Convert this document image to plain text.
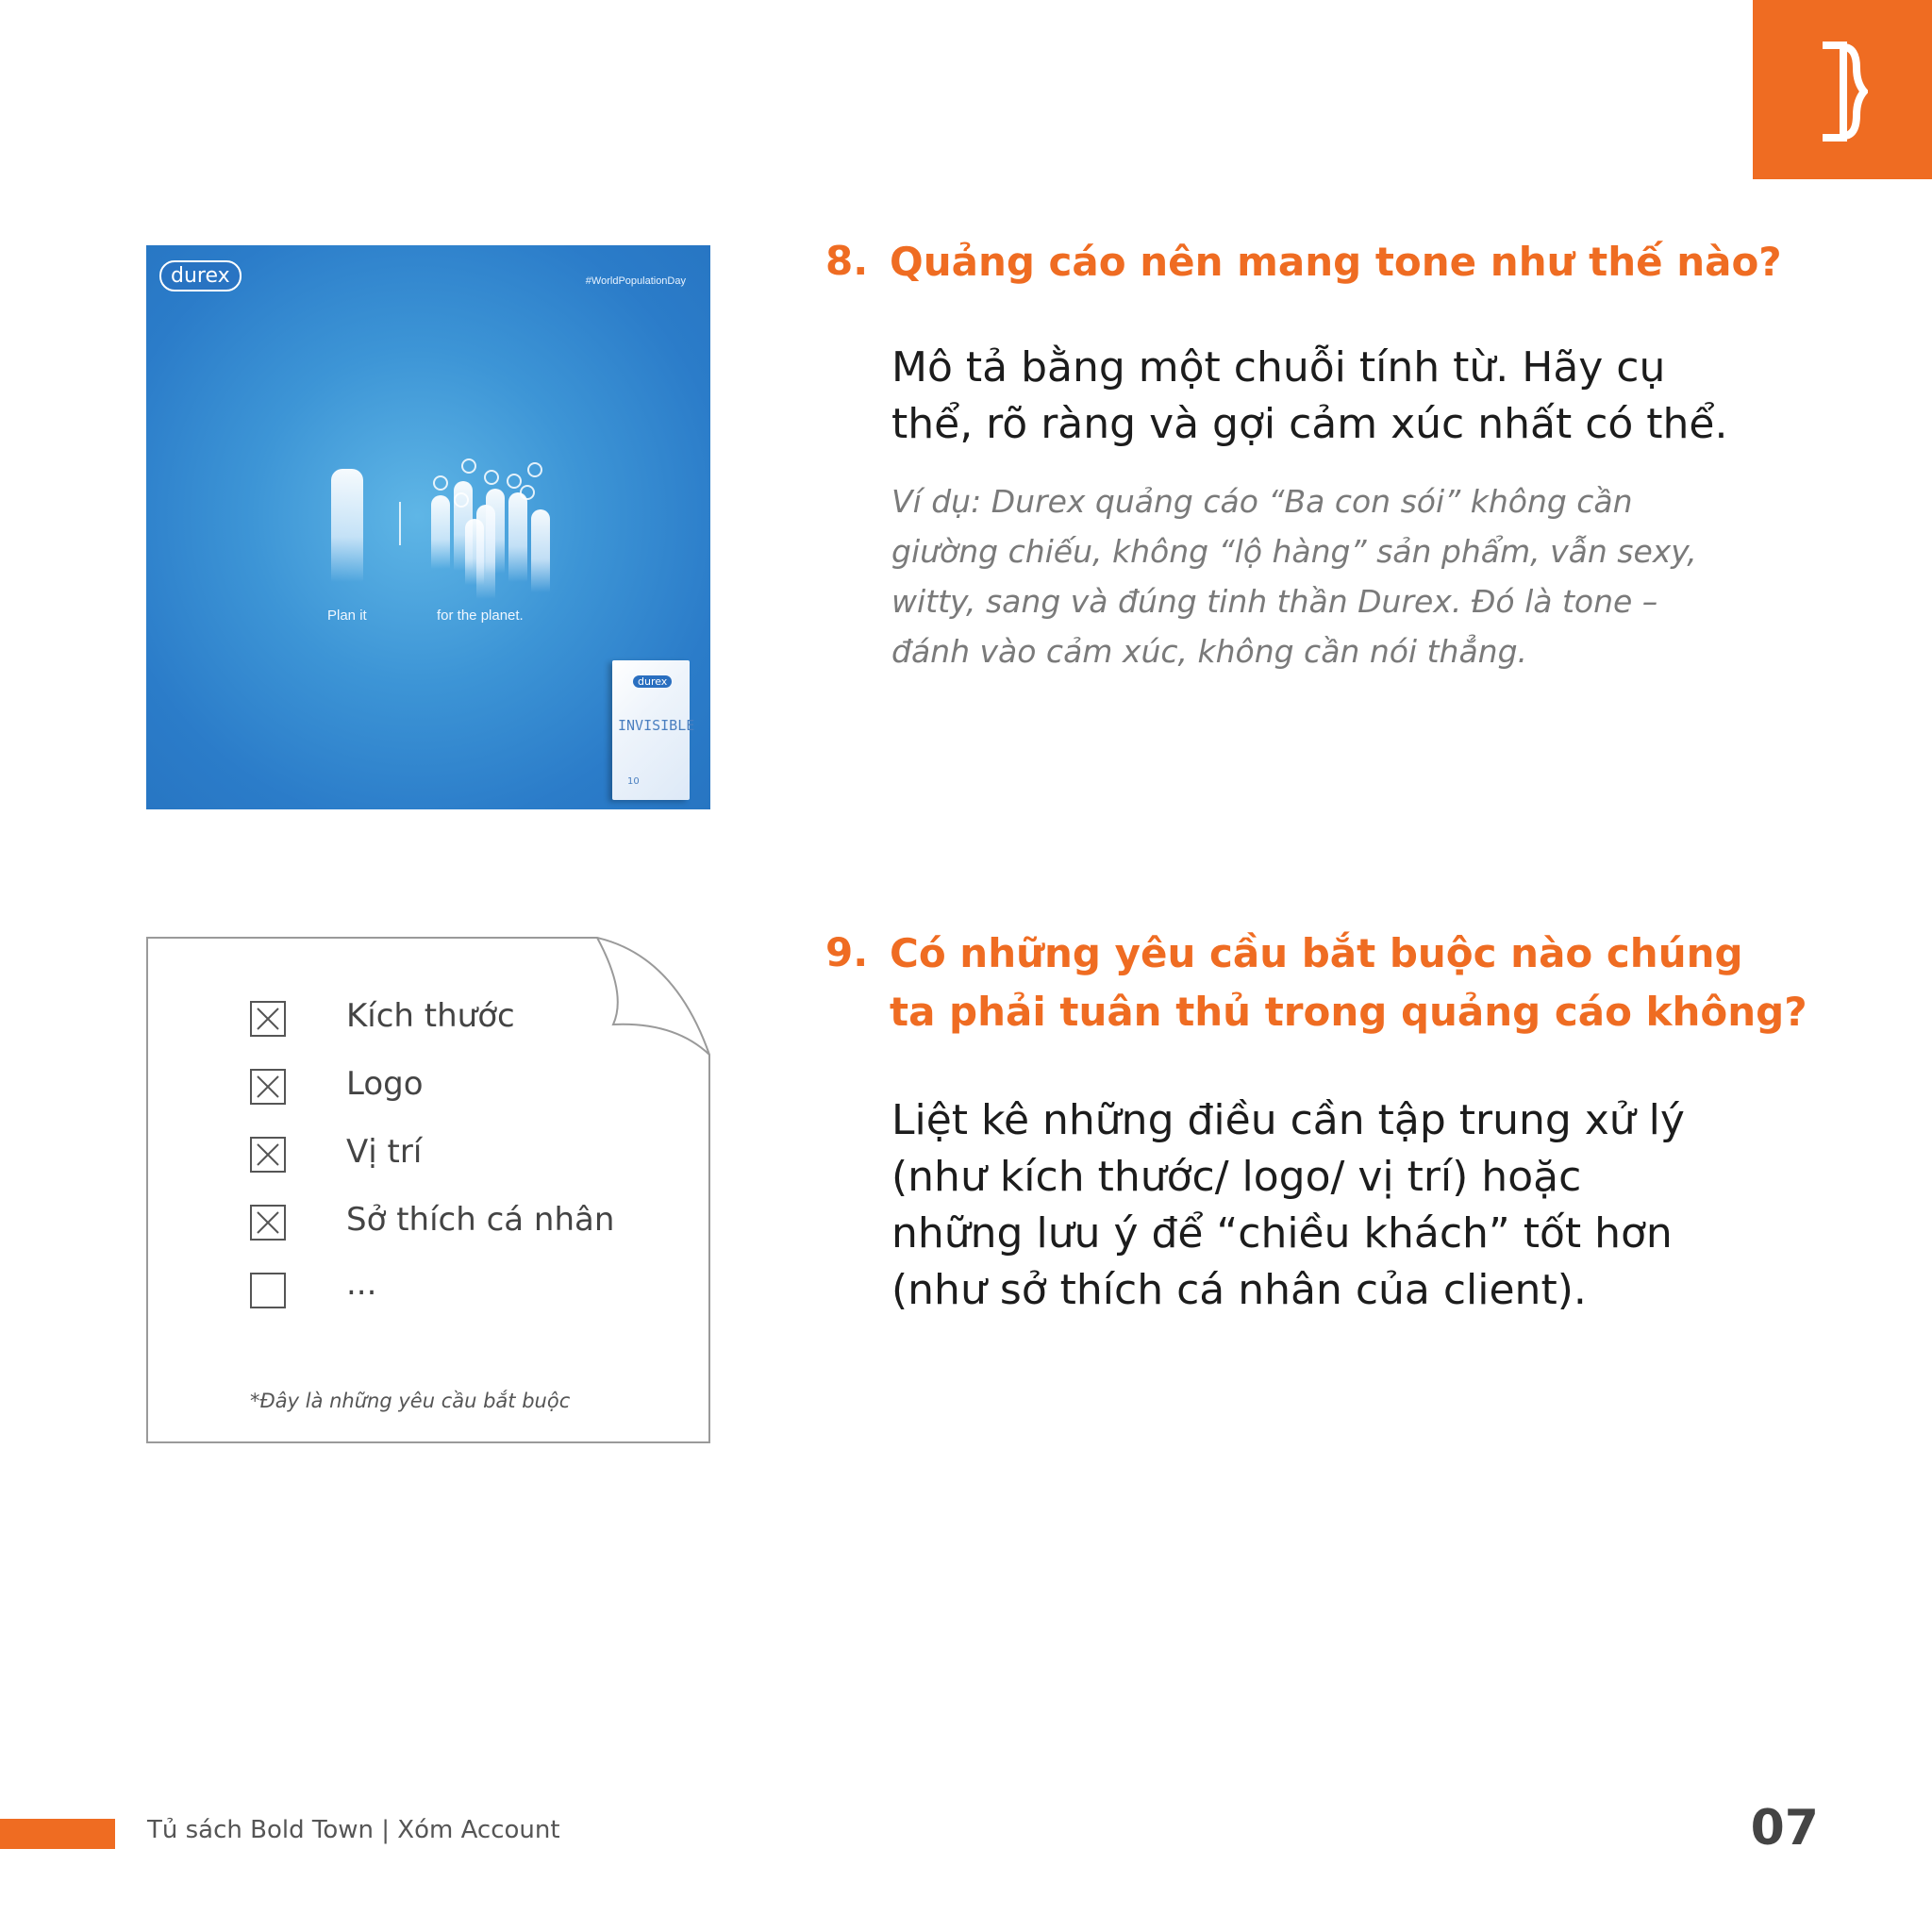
durex	#WorldPopulationDay
Plan it	for the planet.
durex
INVISIBLE
10
8. Quảng cáo nên mang tone như thế nào?
Mô tả bằng một chuỗi tính từ. Hãy cụ
thể, rõ ràng và gợi cảm xúc nhất có thể.
Ví dụ: Durex quảng cáo “Ba con sói” không cần
giường chiếu, không “lộ hàng” sản phẩm, vẫn sexy,
witty, sang và đúng tinh thần Durex. Đó là tone –
đánh vào cảm xúc, không cần nói thẳng.
Kích thước
Logo
Vị trí
Sở thích cá nhân
...
*Đây là những yêu cầu bắt buộc
9. Có những yêu cầu bắt buộc nào chúng
ta phải tuân thủ trong quảng cáo không?
Liệt kê những điều cần tập trung xử lý
(như kích thước/ logo/ vị trí) hoặc
những lưu ý để “chiều khách” tốt hơn
(như sở thích cá nhân của client).
Tủ sách Bold Town | Xóm Account	07
